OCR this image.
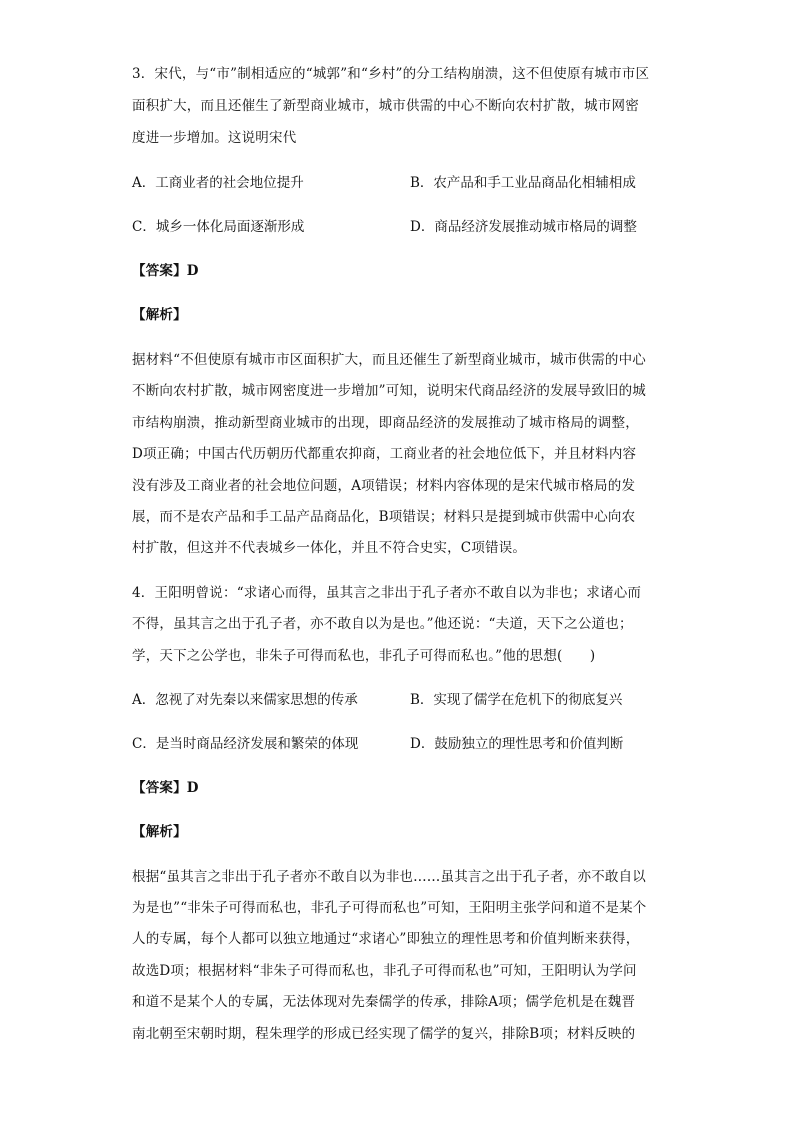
3．宋代，与“市”制相适应的“城郭”和“乡村”的分工结构崩溃，这不但使原有城市市区
面积扩大，而且还催生了新型商业城市，城市供需的中心不断向农村扩散，城市网密
度进一步增加。这说明宋代
A．工商业者的社会地位提升	B．农产品和手工业品商品化相辅相成
C．城乡一体化局面逐渐形成	D．商品经济发展推动城市格局的调整
【答案】D
【解析】
据材料“不但使原有城市市区面积扩大，而且还催生了新型商业城市，城市供需的中心
不断向农村扩散，城市网密度进一步增加”可知，说明宋代商品经济的发展导致旧的城
市结构崩溃，推动新型商业城市的出现，即商品经济的发展推动了城市格局的调整，
D项正确；中国古代历朝历代都重农抑商，工商业者的社会地位低下，并且材料内容
没有涉及工商业者的社会地位问题，A项错误；材料内容体现的是宋代城市格局的发
展，而不是农产品和手工品产品商品化，B项错误；材料只是提到城市供需中心向农
村扩散，但这并不代表城乡一体化，并且不符合史实，C项错误。
4．王阳明曾说：“求诸心而得，虽其言之非出于孔子者亦不敢自以为非也；求诸心而
不得，虽其言之出于孔子者，亦不敢自以为是也。”他还说：“夫道，天下之公道也；
学，天下之公学也，非朱子可得而私也，非孔子可得而私也。”他的思想(　　)
A．忽视了对先秦以来儒家思想的传承	B．实现了儒学在危机下的彻底复兴
C．是当时商品经济发展和繁荣的体现	D．鼓励独立的理性思考和价值判断
【答案】D
【解析】
根据“虽其言之非出于孔子者亦不敢自以为非也……虽其言之出于孔子者，亦不敢自以
为是也”“非朱子可得而私也，非孔子可得而私也”可知，王阳明主张学问和道不是某个
人的专属，每个人都可以独立地通过“求诸心”即独立的理性思考和价值判断来获得，
故选D项；根据材料“非朱子可得而私也，非孔子可得而私也”可知，王阳明认为学问
和道不是某个人的专属，无法体现对先秦儒学的传承，排除A项；儒学危机是在魏晋
南北朝至宋朝时期，程朱理学的形成已经实现了儒学的复兴，排除B项；材料反映的
